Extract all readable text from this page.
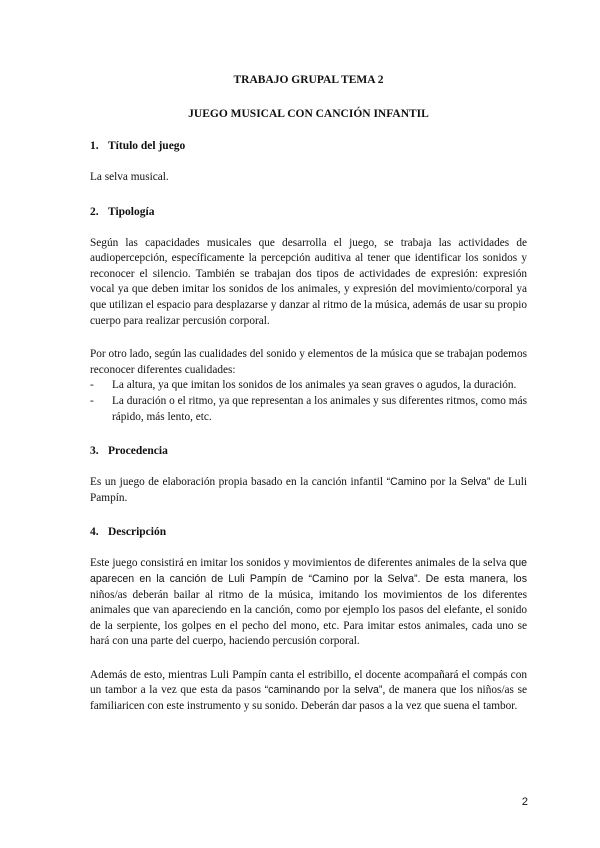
TRABAJO GRUPAL TEMA 2
JUEGO MUSICAL CON CANCIÓN INFANTIL
1. Título del juego

La selva musical.

2. Tipología

Según las capacidades musicales que desarrolla el juego, se trabaja las actividades de audiopercepción, específicamente la percepción auditiva al tener que identificar los sonidos y reconocer el silencio. También se trabajan dos tipos de actividades de expresión: expresión vocal ya que deben imitar los sonidos de los animales, y expresión del movimiento/corporal ya que utilizan el espacio para desplazarse y danzar al ritmo de la música, además de usar su propio cuerpo para realizar percusión corporal.

Por otro lado, según las cualidades del sonido y elementos de la música que se trabajan podemos reconocer diferentes cualidades:

-	La altura, ya que imitan los sonidos de los animales ya sean graves o agudos, la duración.
-	La duración o el ritmo, ya que representan a los animales y sus diferentes ritmos, como más rápido, más lento, etc.
3. Procedencia

Es un juego de elaboración propia basado en la canción infantil “Camino por la Selva” de Luli Pampín.

4. Descripción

Este juego consistirá en imitar los sonidos y movimientos de diferentes animales de la selva que aparecen en la canción de Luli Pampín de “Camino por la Selva”. De esta manera, los niños/as deberán bailar al ritmo de la música, imitando los movimientos de los diferentes animales que van apareciendo en la canción, como por ejemplo los pasos del elefante, el sonido de la serpiente, los golpes en el pecho del mono, etc. Para imitar estos animales, cada uno se hará con una parte del cuerpo, haciendo percusión corporal.

Además de esto, mientras Luli Pampín canta el estribillo, el docente acompañará el compás con un tambor a la vez que esta da pasos “caminando por la selva”, de manera que los niños/as se familiaricen con este instrumento y su sonido. Deberán dar pasos a la vez que suena el tambor.

2
